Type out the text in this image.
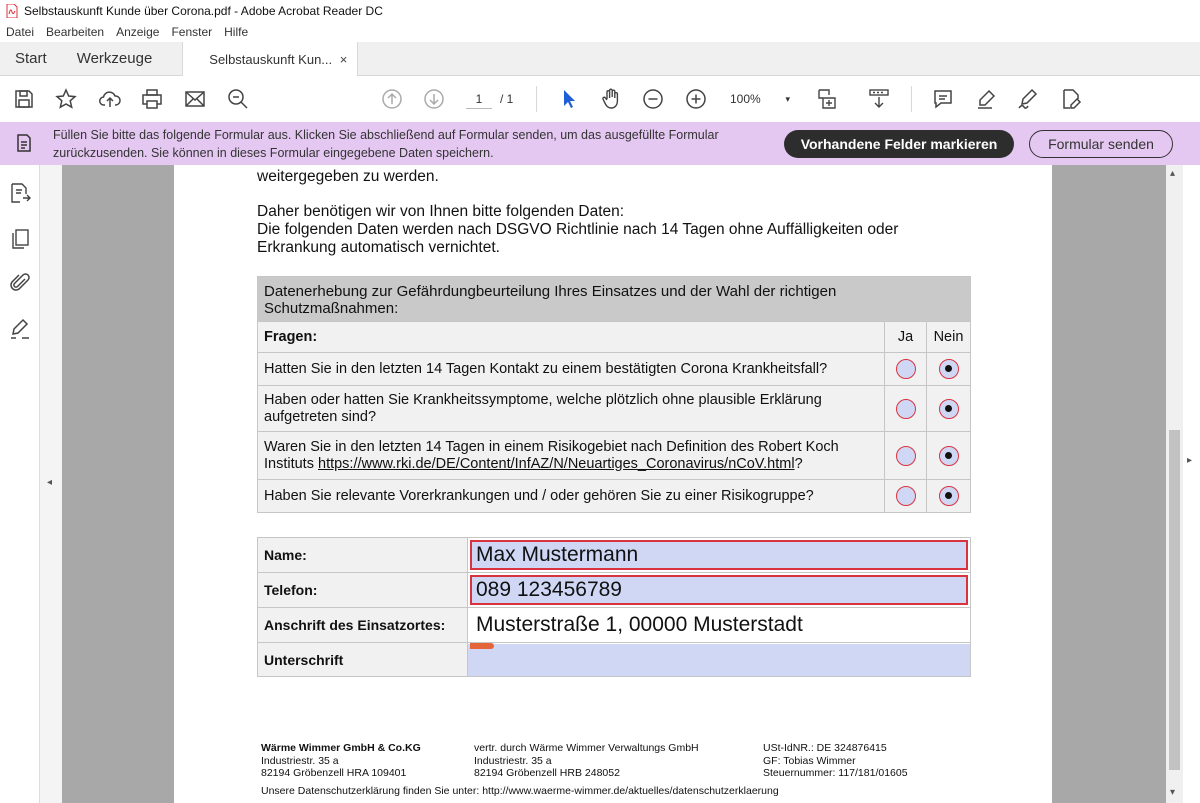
Selbstauskunft Kunde über Corona.pdf - Adobe Acrobat Reader DC
Datei Bearbeiten Anzeige Fenster Hilfe
Start	Werkzeuge	Selbstauskunft Kun... ×
1	/ 1	100%	▾
Füllen Sie bitte das folgende Formular aus. Klicken Sie abschließend auf Formular senden, um das ausgefüllte Formular zurückzusenden. Sie können in dieses Formular eingegebene Daten speichern.
Vorhandene Felder markieren	Formular senden
◂
weitergegeben zu werden.
Daher benötigen wir von Ihnen bitte folgenden Daten:
Die folgenden Daten werden nach DSGVO Richtlinie nach 14 Tagen ohne Auffälligkeiten oder
Erkrankung automatisch vernichtet.
Datenerhebung zur Gefährdungbeurteilung Ihres Einsatzes und der Wahl der richtigen Schutzmaßnahmen:		
Fragen:	Ja	Nein
Hatten Sie in den letzten 14 Tagen Kontakt zu einem bestätigten Corona Krankheitsfall?		
Haben oder hatten Sie Krankheitssymptome, welche plötzlich ohne plausible Erklärung aufgetreten sind?		
Waren Sie in den letzten 14 Tagen in einem Risikogebiet nach Definition des Robert Koch Instituts https://www.rki.de/DE/Content/InfAZ/N/Neuartiges_Coronavirus/nCoV.html?		
Haben Sie relevante Vorerkrankungen und / oder gehören Sie zu einer Risikogruppe?		
Name:	Max Mustermann

Telefon:	089 123456789

Anschrift des Einsatzortes:	Musterstraße 1, 00000 Musterstadt

Unterschrift	
Wärme Wimmer GmbH & Co.KG
Industriestr. 35 a
82194 Gröbenzell HRA 109401
vertr. durch Wärme Wimmer Verwaltungs GmbH
Industriestr. 35 a
82194 Gröbenzell HRB 248052
USt-IdNR.: DE 324876415
GF: Tobias Wimmer
Steuernummer: 117/181/01605
Unsere Datenschutzerklärung finden Sie unter: http://www.waerme-wimmer.de/aktuelles/datenschutzerklaerung
▴
▾
▸
